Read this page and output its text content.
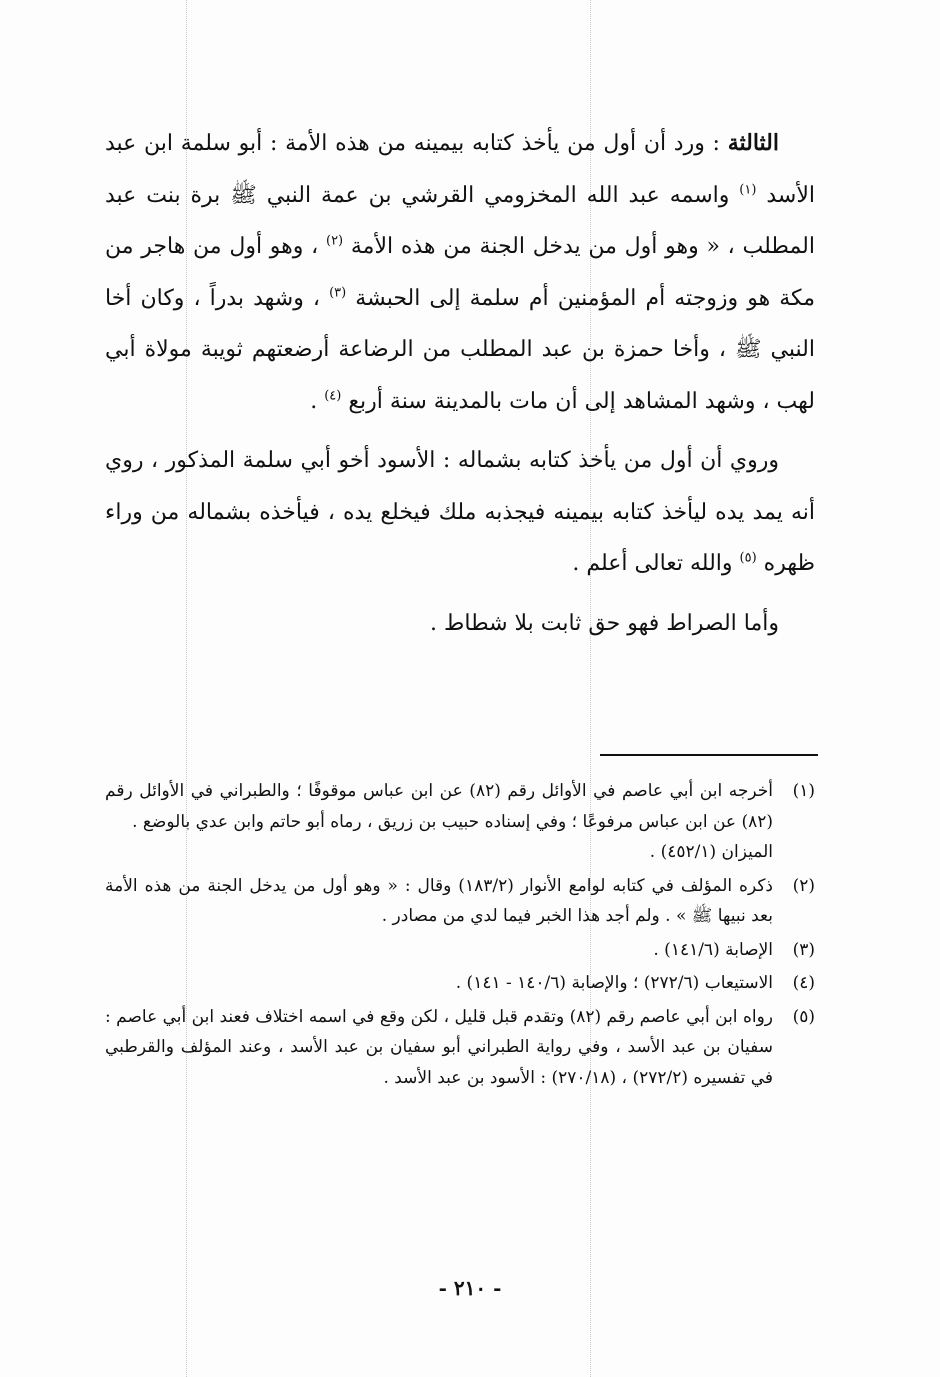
الثالثة : ورد أن أول من يأخذ كتابه بيمينه من هذه الأمة : أبو سلمة ابن عبد الأسد $^{(١)}$ واسمه عبد الله المخزومي القرشي بن عمة النبي ﷺ برة بنت عبد المطلب ، « وهو أول من يدخل الجنة من هذه الأمة $^{(٢)}$ ، وهو أول من هاجر من مكة هو وزوجته أم المؤمنين أم سلمة إلى الحبشة $^{(٣)}$ ، وشهد بدراً ، وكان أخا النبي ﷺ ، وأخا حمزة بن عبد المطلب من الرضاعة أرضعتهم ثويبة مولاة أبي لهب ، وشهد المشاهد إلى أن مات بالمدينة سنة أربع $^{(٤)}$ .

وروي أن أول من يأخذ كتابه بشماله : الأسود أخو أبي سلمة المذكور ، روي أنه يمد يده ليأخذ كتابه بيمينه فيجذبه ملك فيخلع يده ، فيأخذه بشماله من وراء ظهره $^{(٥)}$ والله تعالى أعلم .

وأما الصراط فهو حق ثابت بلا شطاط .

(١)
أخرجه ابن أبي عاصم في الأوائل رقم (٨٢) عن ابن عباس موقوفًا ؛ والطبراني في الأوائل رقم (٨٢) عن ابن عباس مرفوعًا ؛ وفي إسناده حبيب بن زريق ، رماه أبو حاتم وابن عدي بالوضع .
الميزان (٤٥٢/١) .
(٢)
ذكره المؤلف في كتابه لوامع الأنوار (١٨٣/٢) وقال : « وهو أول من يدخل الجنة من هذه الأمة بعد نبيها ﷺ » . ولم أجد هذا الخبر فيما لدي من مصادر .
(٣)
الإصابة (١٤١/٦) .
(٤)
الاستيعاب (٢٧٢/٦) ؛ والإصابة (١٤٠/٦ - ١٤١) .
(٥)
رواه ابن أبي عاصم رقم (٨٢) وتقدم قبل قليل ، لكن وقع في اسمه اختلاف فعند ابن أبي عاصم : سفيان بن عبد الأسد ، وفي رواية الطبراني أبو سفيان بن عبد الأسد ، وعند المؤلف والقرطبي في تفسيره (٢٧٢/٢) ، (٢٧٠/١٨) : الأسود بن عبد الأسد .
- ٢١٠ -
